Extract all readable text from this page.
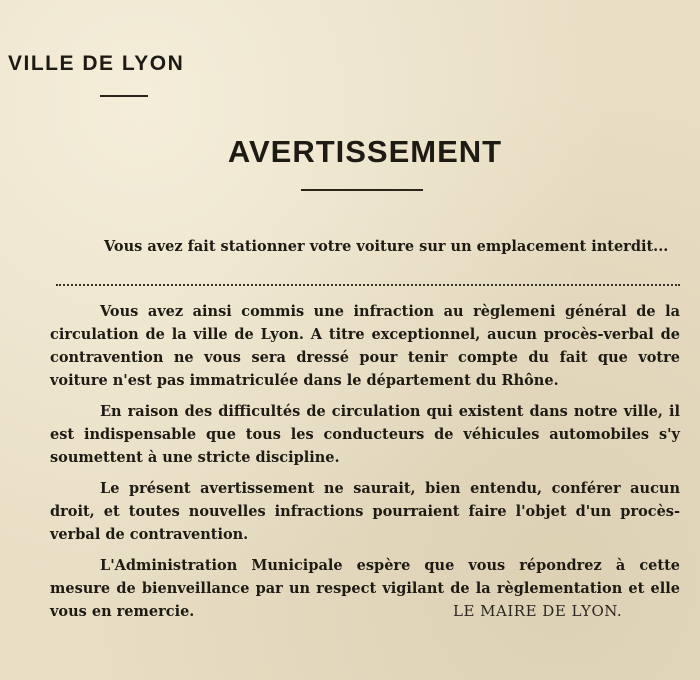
VILLE DE LYON
AVERTISSEMENT
Vous avez fait stationner votre voiture sur un emplacement interdit...

Vous avez ainsi commis une infraction au règlemeni général de la circulation de la ville de Lyon. A titre exceptionnel, aucun procès-verbal de contravention ne vous sera dressé pour tenir compte du fait que votre voiture n'est pas immatriculée dans le département du Rhône.

En raison des difficultés de circulation qui existent dans notre ville, il est indispensable que tous les conducteurs de véhicules automobiles s'y soumettent à une stricte discipline.

Le présent avertissement ne saurait, bien entendu, conférer aucun droit, et toutes nouvelles infractions pourraient faire l'objet d'un procès-verbal de contravention.

L'Administration Municipale espère que vous répondrez à cette mesure de bienveillance par un respect vigilant de la règlementation et elle vous en remercie.	LE MAIRE DE LYON.
